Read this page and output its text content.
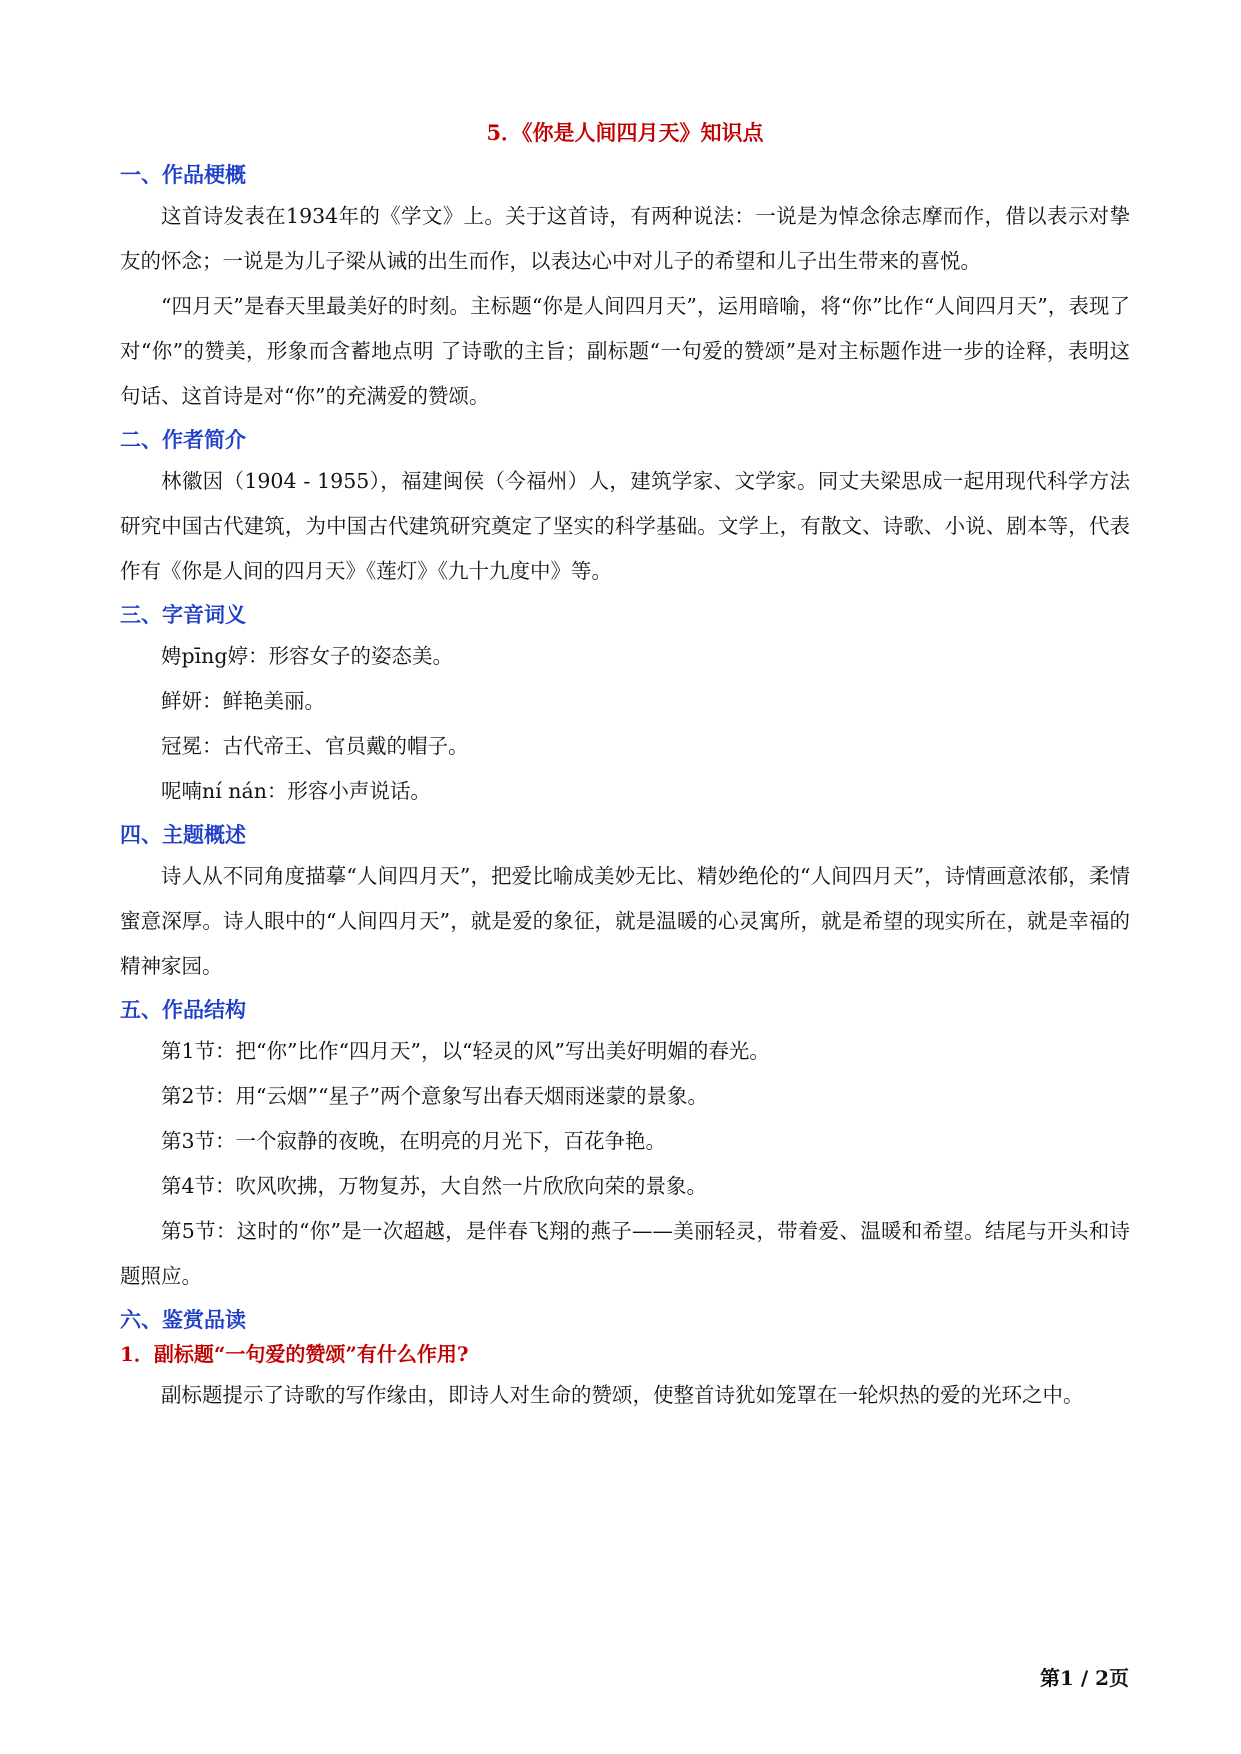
5．《你是人间四月天》知识点
一、作品梗概

这首诗发表在1934年的《学文》上。关于这首诗，有两种说法：一说是为悼念徐志摩而作，借以表示对挚友的怀念；一说是为儿子梁从诫的出生而作，以表达心中对儿子的希望和儿子出生带来的喜悦。

“四月天”是春天里最美好的时刻。主标题“你是人间四月天”，运用暗喻，将“你”比作“人间四月天”，表现了对“你”的赞美，形象而含蓄地点明 了诗歌的主旨；副标题“一句爱的赞颂”是对主标题作进一步的诠释，表明这句话、这首诗是对“你”的充满爱的赞颂。

二、作者简介

林徽因（1904 - 1955），福建闽侯（今福州）人，建筑学家、文学家。同丈夫梁思成一起用现代科学方法研究中国古代建筑，为中国古代建筑研究奠定了坚实的科学基础。文学上，有散文、诗歌、小说、剧本等，代表作有《你是人间的四月天》《莲灯》《九十九度中》等。

三、字音词义

娉pīng婷：形容女子的姿态美。

鲜妍：鲜艳美丽。

冠冕：古代帝王、官员戴的帽子。

呢喃ní nán：形容小声说话。

四、主题概述

诗人从不同角度描摹“人间四月天”，把爱比喻成美妙无比、精妙绝伦的“人间四月天”，诗情画意浓郁，柔情蜜意深厚。诗人眼中的“人间四月天”，就是爱的象征，就是温暖的心灵寓所，就是希望的现实所在，就是幸福的精神家园。

五、作品结构

第1节：把“你”比作“四月天”，以“轻灵的风”写出美好明媚的春光。

第2节：用“云烟”“星子”两个意象写出春天烟雨迷蒙的景象。

第3节：一个寂静的夜晚，在明亮的月光下，百花争艳。

第4节：吹风吹拂，万物复苏，大自然一片欣欣向荣的景象。

第5节：这时的“你”是一次超越，是伴春飞翔的燕子——美丽轻灵，带着爱、温暖和希望。结尾与开头和诗题照应。

六、鉴赏品读
1．副标题“一句爱的赞颂”有什么作用?

副标题提示了诗歌的写作缘由，即诗人对生命的赞颂，使整首诗犹如笼罩在一轮炽热的爱的光环之中。

第1 / 2页
